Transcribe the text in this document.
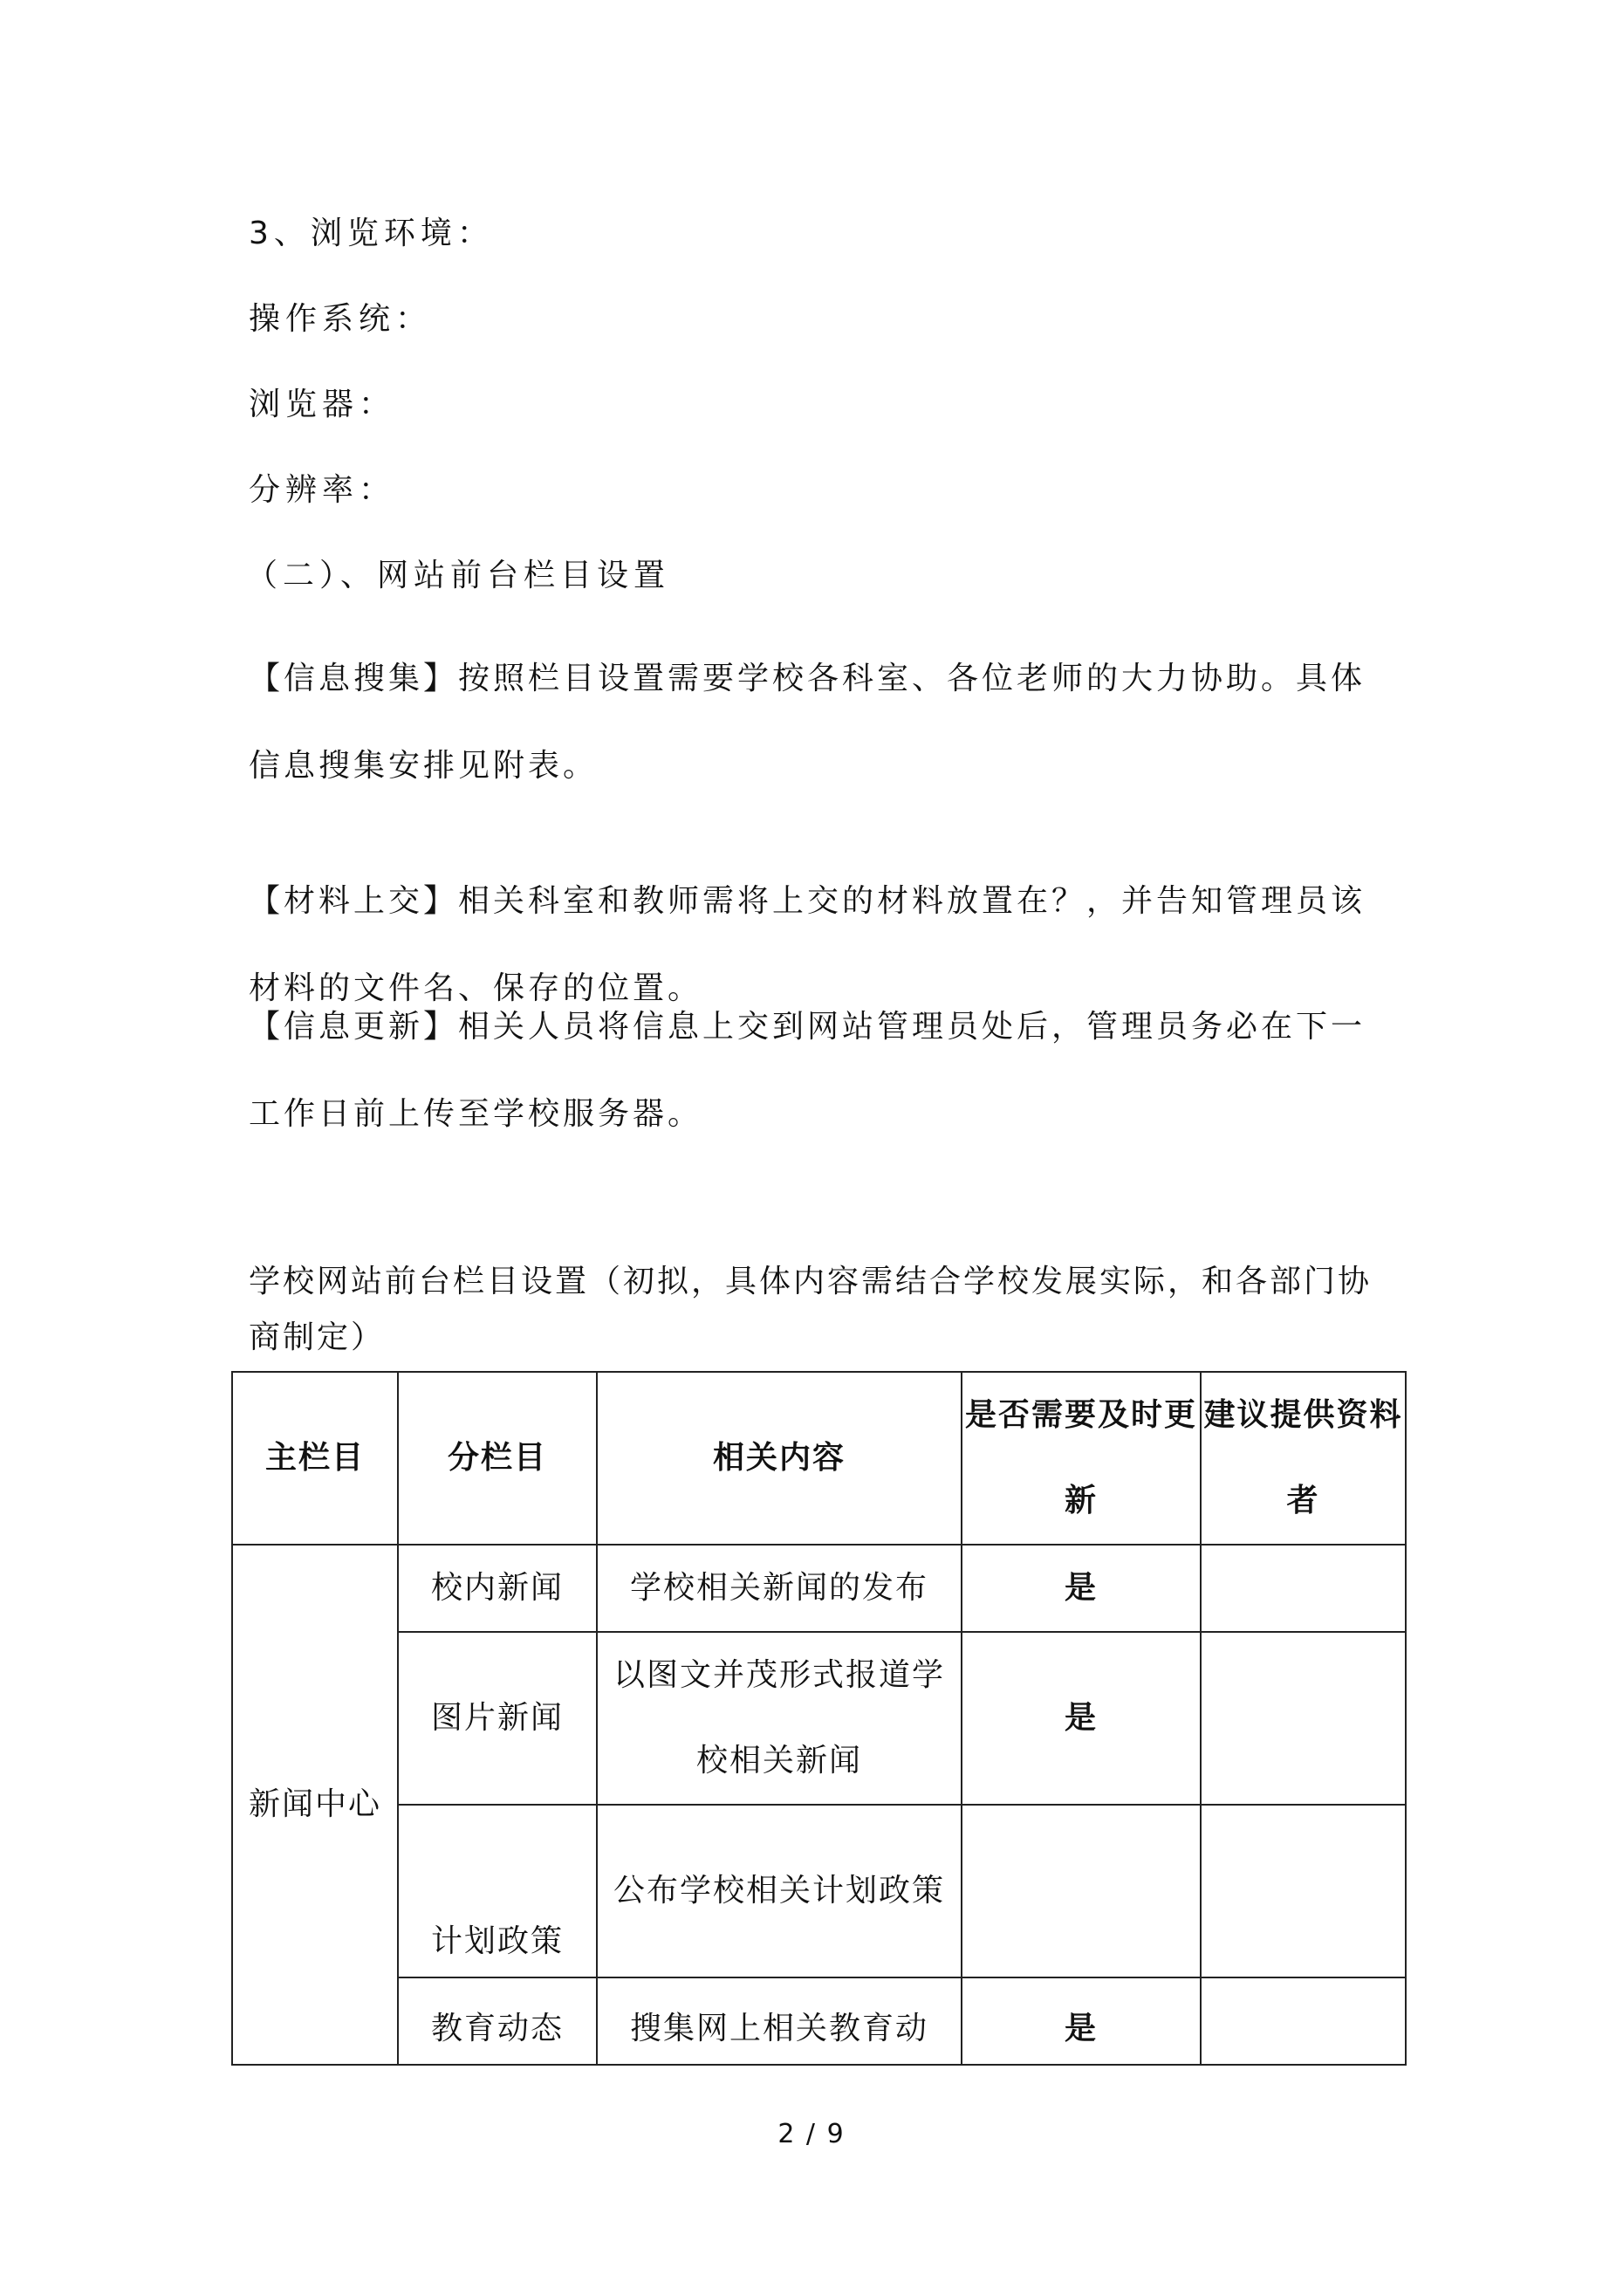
3、浏览环境：
操作系统：
浏览器：
分辨率：
（二）、网站前台栏目设置

【信息搜集】按照栏目设置需要学校各科室、各位老师的大力协助。具体信息搜集安排见附表。

【材料上交】相关科室和教师需将上交的材料放置在？，并告知管理员该材料的文件名、保存的位置。

【信息更新】相关人员将信息上交到网站管理员处后，管理员务必在下一工作日前上传至学校服务器。

学校网站前台栏目设置（初拟，具体内容需结合学校发展实际，和各部门协商制定）
主栏目	分栏目	相关内容	是否需要及时更新	建议提供资料者
新闻中心	校内新闻	学校相关新闻的发布	是	
	图片新闻	以图文并茂形式报道学校相关新闻	是	
	计划政策	公布学校相关计划政策		
	教育动态	搜集网上相关教育动	是	
2 / 9
